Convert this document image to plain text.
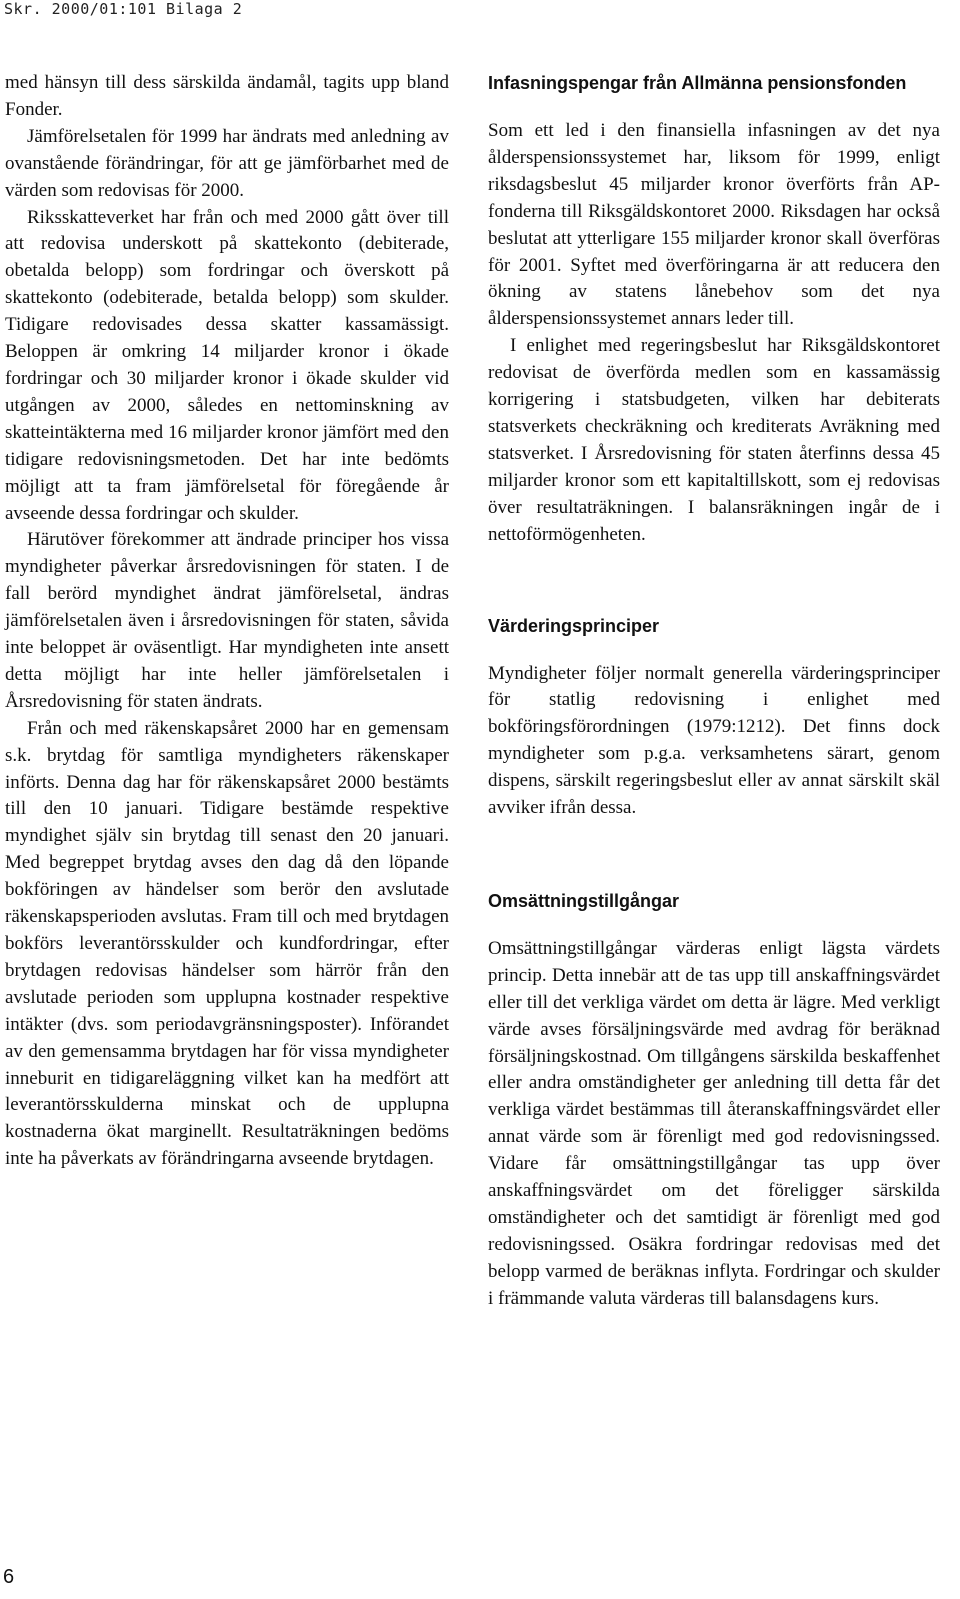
Skr. 2000/01:101 Bilaga 2

med hänsyn till dess särskilda ändamål, tagits upp bland Fonder.

Jämförelsetalen för 1999 har ändrats med anledning av ovanstående förändringar, för att ge jämförbarhet med de värden som redovisas för 2000.

Riksskatteverket har från och med 2000 gått över till att redovisa underskott på skattekonto (debiterade, obetalda belopp) som fordringar och överskott på skattekonto (odebiterade, betalda belopp) som skulder. Tidigare redovisades dessa skatter kassamässigt. Beloppen är omkring 14 miljarder kronor i ökade fordringar och 30 miljarder kronor i ökade skulder vid utgången av 2000, således en nettominskning av skatteintäkterna med 16 miljarder kronor jämfört med den tidigare redovisningsmetoden. Det har inte bedömts möjligt att ta fram jämförelsetal för föregående år avseende dessa fordringar och skulder.

Härutöver förekommer att ändrade principer hos vissa myndigheter påverkar årsredovisningen för staten. I de fall berörd myndighet ändrat jämförelsetal, ändras jämförelsetalen även i årsredovisningen för staten, såvida inte beloppet är oväsentligt. Har myndigheten inte ansett detta möjligt har inte heller jämförelsetalen i Årsredovisning för staten ändrats.

Från och med räkenskapsåret 2000 har en gemensam s.k. brytdag för samtliga myndigheters räkenskaper införts. Denna dag har för räkenskapsåret 2000 bestämts till den 10 januari. Tidigare bestämde respektive myndighet själv sin brytdag till senast den 20 januari. Med begreppet brytdag avses den dag då den löpande bokföringen av händelser som berör den avslutade räkenskapsperioden avslutas. Fram till och med brytdagen bokförs leverantörsskulder och kundfordringar, efter brytdagen redovisas händelser som härrör från den avslutade perioden som upplupna kostnader respektive intäkter (dvs. som periodavgränsningsposter). Införandet av den gemensamma brytdagen har för vissa myndigheter inneburit en tidigareläggning vilket kan ha medfört att leverantörsskulderna minskat och de upplupna kostnaderna ökat marginellt. Resultaträkningen bedöms inte ha påverkats av förändringarna avseende brytdagen.

Infasningspengar från Allmänna pensionsfonden

Som ett led i den finansiella infasningen av det nya ålderspensionssystemet har, liksom för 1999, enligt riksdagsbeslut 45 miljarder kronor överförts från AP-fonderna till Riksgäldskontoret 2000. Riksdagen har också beslutat att ytterligare 155 miljarder kronor skall överföras för 2001. Syftet med överföringarna är att reducera den ökning av statens lånebehov som det nya ålderspensionssystemet annars leder till.

I enlighet med regeringsbeslut har Riksgäldskontoret redovisat de överförda medlen som en kassamässig korrigering i statsbudgeten, vilken har debiterats statsverkets checkräkning och krediterats Avräkning med statsverket. I Årsredovisning för staten återfinns dessa 45 miljarder kronor som ett kapitaltillskott, som ej redovisas över resultaträkningen. I balansräkningen ingår de i nettoförmögenheten.

Värderingsprinciper

Myndigheter följer normalt generella värderingsprinciper för statlig redovisning i enlighet med bokföringsförordningen (1979:1212). Det finns dock myndigheter som p.g.a. verksamhetens särart, genom dispens, särskilt regeringsbeslut eller av annat särskilt skäl avviker ifrån dessa.

Omsättningstillgångar

Omsättningstillgångar värderas enligt lägsta värdets princip. Detta innebär att de tas upp till anskaffningsvärdet eller till det verkliga värdet om detta är lägre. Med verkligt värde avses försäljningsvärde med avdrag för beräknad försäljningskostnad. Om tillgångens särskilda beskaffenhet eller andra omständigheter ger anledning till detta får det verkliga värdet bestämmas till återanskaffningsvärdet eller annat värde som är förenligt med god redovisningssed. Vidare får omsättningstillgångar tas upp över anskaffningsvärdet om det föreligger särskilda omständigheter och det samtidigt är förenligt med god redovisningssed. Osäkra fordringar redovisas med det belopp varmed de beräknas inflyta. Fordringar och skulder i främmande valuta värderas till balansdagens kurs.

6
